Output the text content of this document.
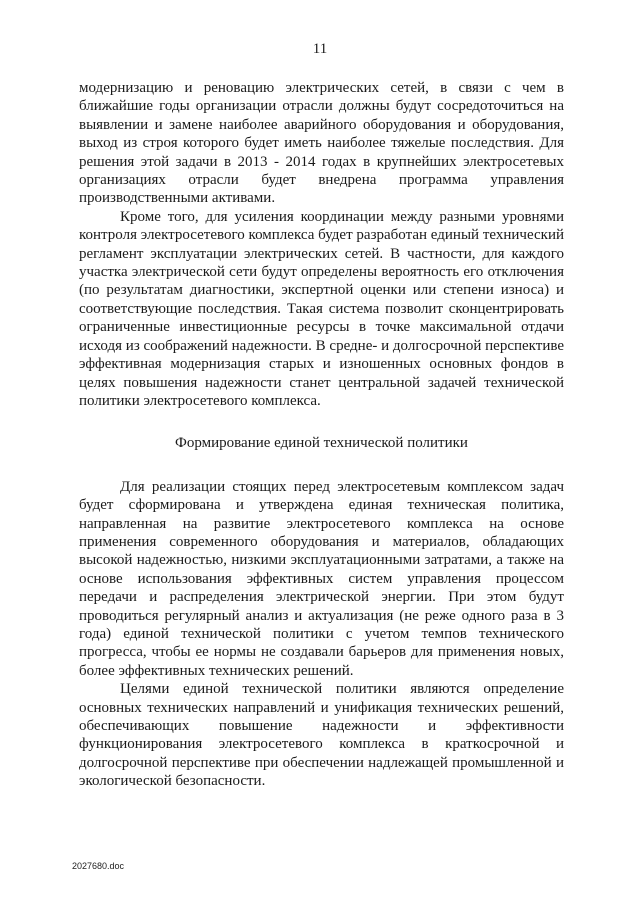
11

модернизацию и реновацию электрических сетей, в связи с чем в ближайшие годы организации отрасли должны будут сосредоточиться на выявлении и замене наиболее аварийного оборудования и оборудования, выход из строя которого будет иметь наиболее тяжелые последствия. Для решения этой задачи в 2013 - 2014 годах в крупнейших электросетевых организациях отрасли будет внедрена программа управления производственными активами.

Кроме того, для усиления координации между разными уровнями контроля электросетевого комплекса будет разработан единый технический регламент эксплуатации электрических сетей. В частности, для каждого участка электрической сети будут определены вероятность его отключения (по результатам диагностики, экспертной оценки или степени износа) и соответствующие последствия. Такая система позволит сконцентрировать ограниченные инвестиционные ресурсы в точке максимальной отдачи исходя из соображений надежности. В средне- и долгосрочной перспективе эффективная модернизация старых и изношенных основных фондов в целях повышения надежности станет центральной задачей технической политики электросетевого комплекса.

Формирование единой технической политики

Для реализации стоящих перед электросетевым комплексом задач будет сформирована и утверждена единая техническая политика, направленная на развитие электросетевого комплекса на основе применения современного оборудования и материалов, обладающих высокой надежностью, низкими эксплуатационными затратами, а также на основе использования эффективных систем управления процессом передачи и распределения электрической энергии. При этом будут проводиться регулярный анализ и актуализация (не реже одного раза в 3 года) единой технической политики с учетом темпов технического прогресса, чтобы ее нормы не создавали барьеров для применения новых, более эффективных технических решений.

Целями единой технической политики являются определение основных технических направлений и унификация технических решений, обеспечивающих повышение надежности и эффективности функционирования электросетевого комплекса в краткосрочной и долгосрочной перспективе при обеспечении надлежащей промышленной и экологической безопасности.

2027680.doc
